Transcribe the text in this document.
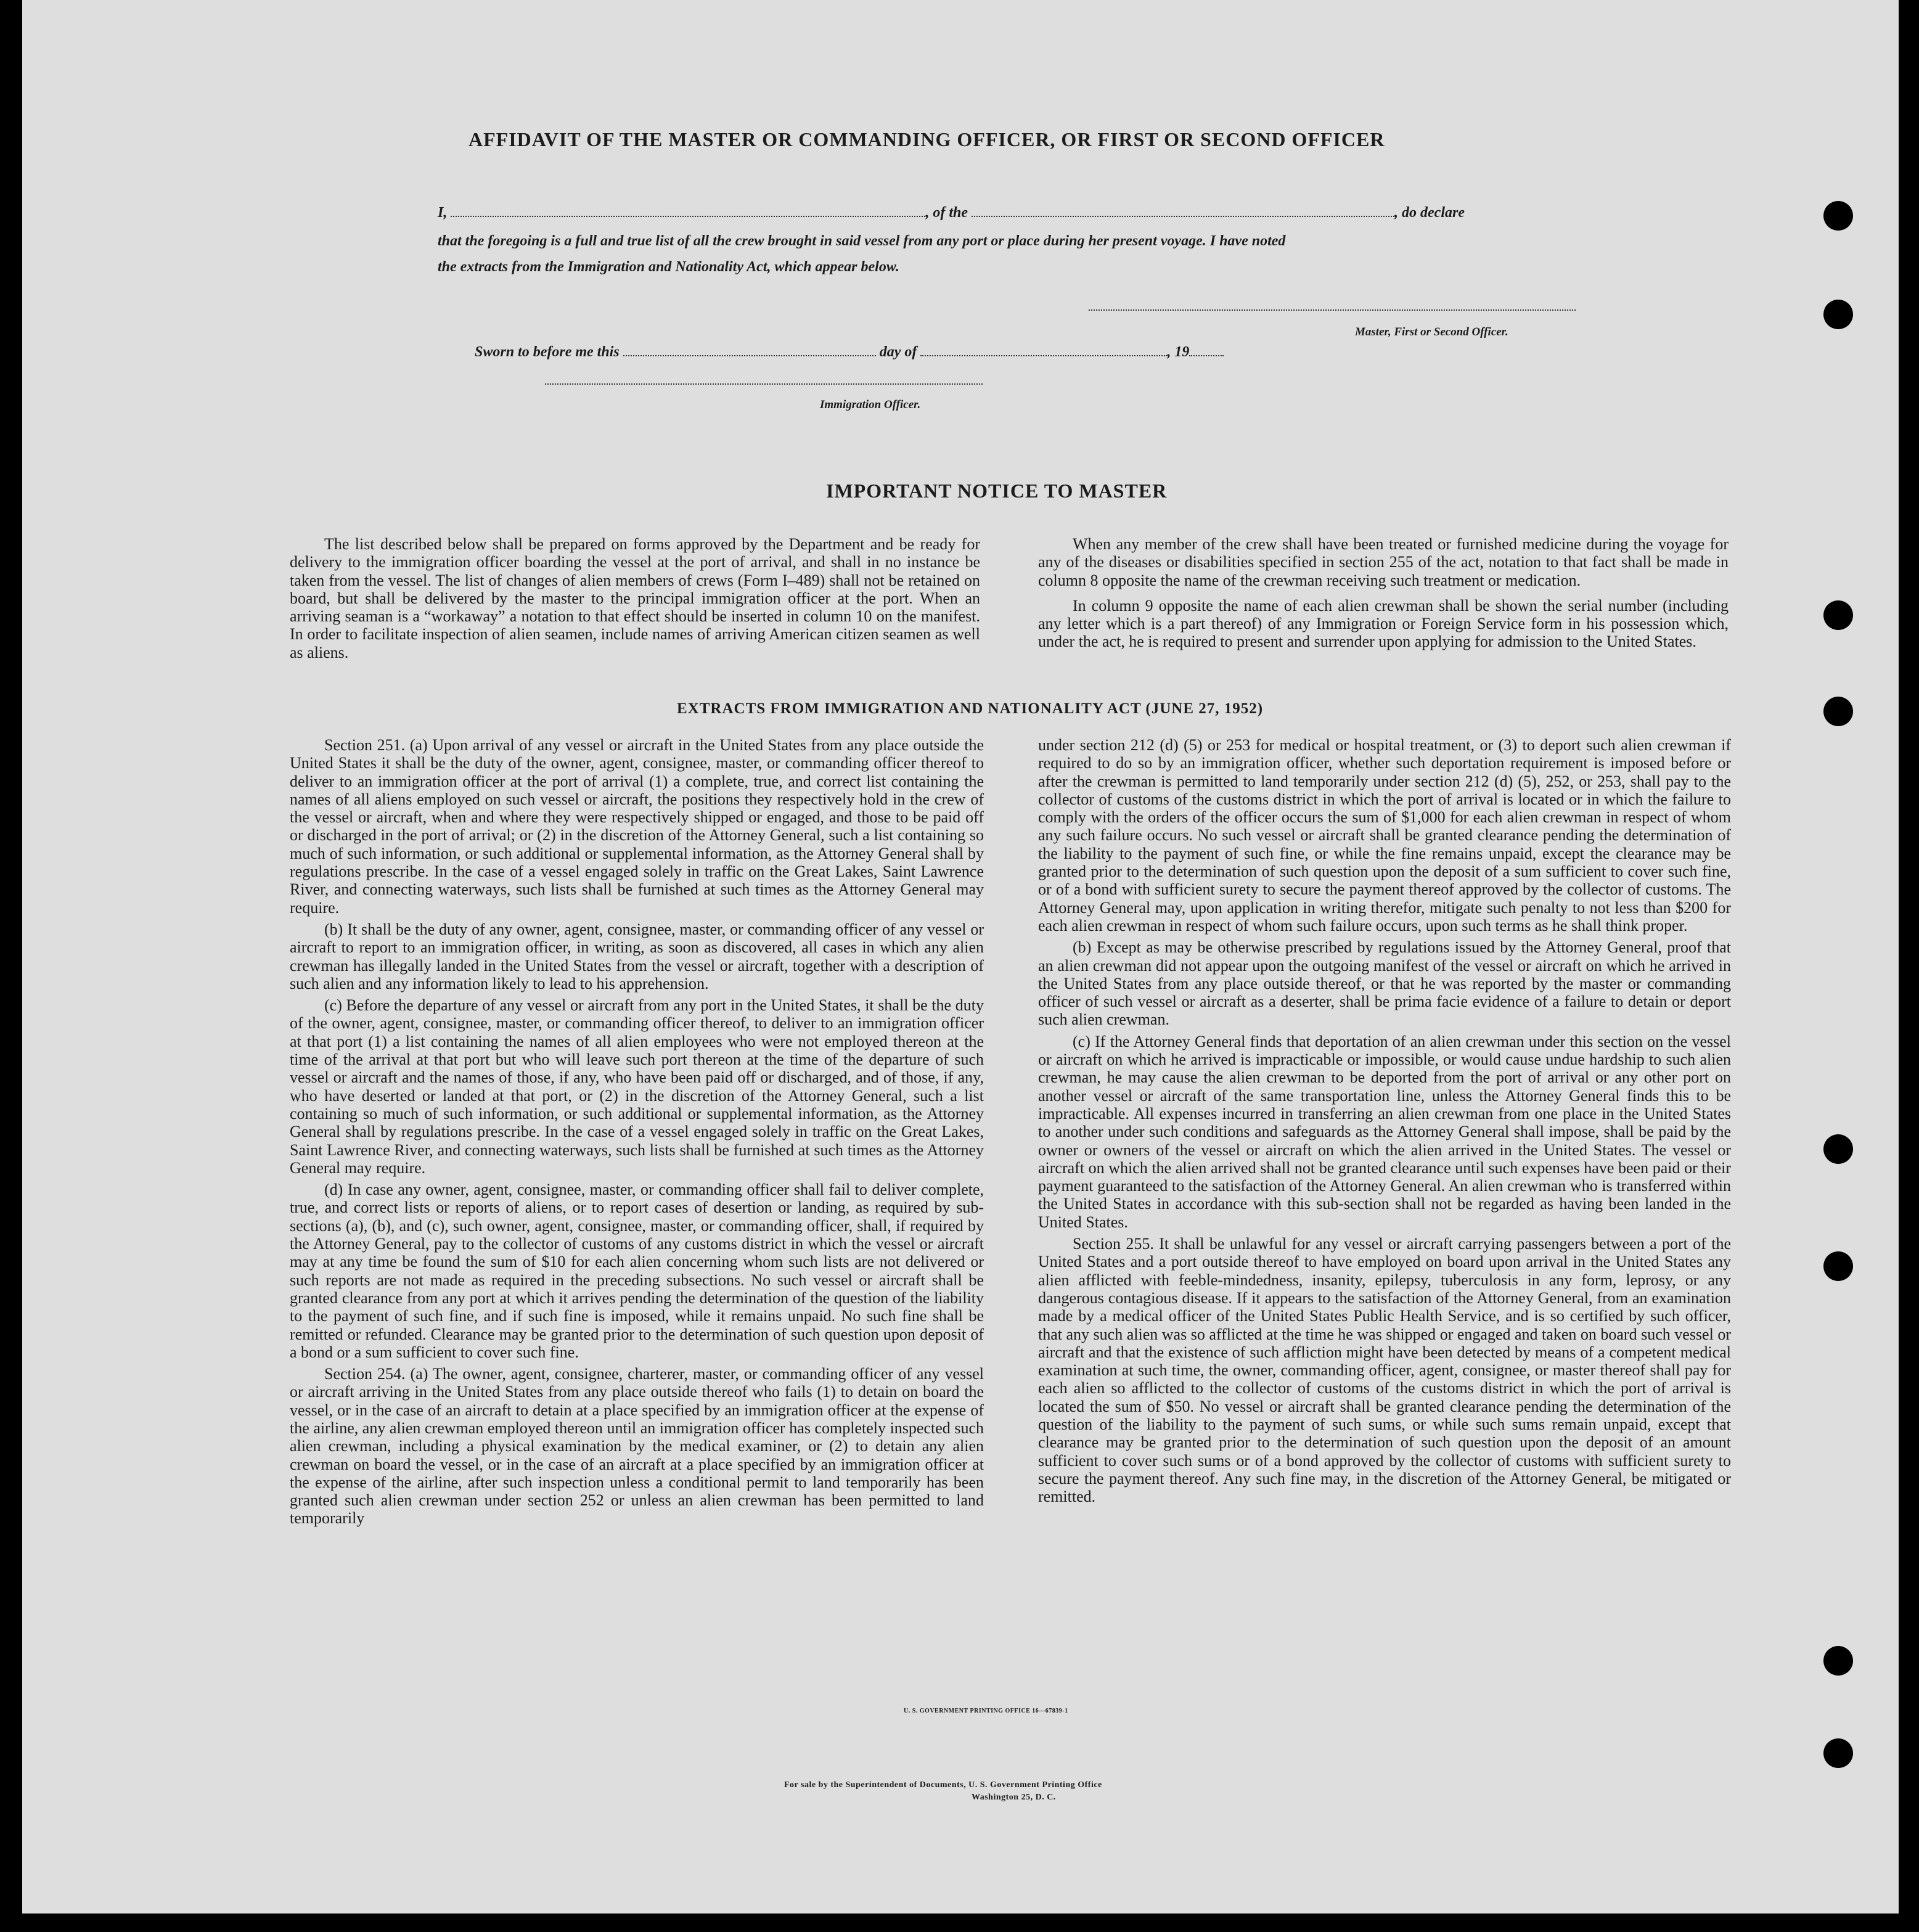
AFFIDAVIT OF THE MASTER OR COMMANDING OFFICER, OR FIRST OR SECOND OFFICER
I,	, of the	, do declare
that the foregoing is a full and true list of all the crew brought in said vessel from any port or place during her present voyage. I have noted
the extracts from the Immigration and Nationality Act, which appear below.
Master, First or Second Officer.
Sworn to before me this	day of	, 19
Immigration Officer.
IMPORTANT NOTICE TO MASTER

The list described below shall be prepared on forms approved by the Department and be ready for delivery to the immigration officer boarding the vessel at the port of arrival, and shall in no instance be taken from the vessel. The list of changes of alien members of crews (Form I–489) shall not be retained on board, but shall be delivered by the master to the principal immigration officer at the port. When an arriving seaman is a “workaway” a notation to that effect should be inserted in column 10 on the manifest. In order to facilitate inspection of alien seamen, include names of arriving American citizen seamen as well as aliens.

When any member of the crew shall have been treated or furnished medicine during the voyage for any of the diseases or disabilities specified in section 255 of the act, notation to that fact shall be made in column 8 opposite the name of the crewman receiving such treatment or medication.

In column 9 opposite the name of each alien crewman shall be shown the serial number (including any letter which is a part thereof) of any Immigration or Foreign Service form in his possession which, under the act, he is required to present and surrender upon applying for admission to the United States.

EXTRACTS FROM IMMIGRATION AND NATIONALITY ACT (JUNE 27, 1952)

Section 251. (a) Upon arrival of any vessel or aircraft in the United States from any place outside the United States it shall be the duty of the owner, agent, consignee, master, or commanding officer thereof to deliver to an immigration officer at the port of arrival (1) a complete, true, and correct list containing the names of all aliens employed on such vessel or aircraft, the positions they respectively hold in the crew of the vessel or aircraft, when and where they were respectively shipped or engaged, and those to be paid off or discharged in the port of arrival; or (2) in the discretion of the Attorney General, such a list containing so much of such information, or such additional or supplemental information, as the Attorney General shall by regulations prescribe. In the case of a vessel engaged solely in traffic on the Great Lakes, Saint Lawrence River, and connecting waterways, such lists shall be furnished at such times as the Attorney General may require.

(b) It shall be the duty of any owner, agent, consignee, master, or commanding officer of any vessel or aircraft to report to an immigration officer, in writing, as soon as discovered, all cases in which any alien crewman has illegally landed in the United States from the vessel or aircraft, together with a description of such alien and any information likely to lead to his apprehension.

(c) Before the departure of any vessel or aircraft from any port in the United States, it shall be the duty of the owner, agent, consignee, master, or commanding officer thereof, to deliver to an immigration officer at that port (1) a list containing the names of all alien employees who were not employed thereon at the time of the arrival at that port but who will leave such port thereon at the time of the departure of such vessel or aircraft and the names of those, if any, who have been paid off or discharged, and of those, if any, who have deserted or landed at that port, or (2) in the discretion of the Attorney General, such a list containing so much of such information, or such additional or supplemental information, as the Attorney General shall by regulations prescribe. In the case of a vessel engaged solely in traffic on the Great Lakes, Saint Lawrence River, and connecting waterways, such lists shall be furnished at such times as the Attorney General may require.

(d) In case any owner, agent, consignee, master, or commanding officer shall fail to deliver complete, true, and correct lists or reports of aliens, or to report cases of desertion or landing, as required by sub-sections (a), (b), and (c), such owner, agent, consignee, master, or commanding officer, shall, if required by the Attorney General, pay to the collector of customs of any customs district in which the vessel or aircraft may at any time be found the sum of $10 for each alien concerning whom such lists are not delivered or such reports are not made as required in the preceding subsections. No such vessel or aircraft shall be granted clearance from any port at which it arrives pending the determination of the question of the liability to the payment of such fine, and if such fine is imposed, while it remains unpaid. No such fine shall be remitted or refunded. Clearance may be granted prior to the determination of such question upon deposit of a bond or a sum sufficient to cover such fine.

Section 254. (a) The owner, agent, consignee, charterer, master, or commanding officer of any vessel or aircraft arriving in the United States from any place outside thereof who fails (1) to detain on board the vessel, or in the case of an aircraft to detain at a place specified by an immigration officer at the expense of the airline, any alien crewman employed thereon until an immigration officer has completely inspected such alien crewman, including a physical examination by the medical examiner, or (2) to detain any alien crewman on board the vessel, or in the case of an aircraft at a place specified by an immigration officer at the expense of the airline, after such inspection unless a conditional permit to land temporarily has been granted such alien crewman under section 252 or unless an alien crewman has been permitted to land temporarily

under section 212 (d) (5) or 253 for medical or hospital treatment, or (3) to deport such alien crewman if required to do so by an immigration officer, whether such deportation requirement is imposed before or after the crewman is permitted to land temporarily under section 212 (d) (5), 252, or 253, shall pay to the collector of customs of the customs district in which the port of arrival is located or in which the failure to comply with the orders of the officer occurs the sum of $1,000 for each alien crewman in respect of whom any such failure occurs. No such vessel or aircraft shall be granted clearance pending the determination of the liability to the payment of such fine, or while the fine remains unpaid, except the clearance may be granted prior to the determination of such question upon the deposit of a sum sufficient to cover such fine, or of a bond with sufficient surety to secure the payment thereof approved by the collector of customs. The Attorney General may, upon application in writing therefor, mitigate such penalty to not less than $200 for each alien crewman in respect of whom such failure occurs, upon such terms as he shall think proper.

(b) Except as may be otherwise prescribed by regulations issued by the Attorney General, proof that an alien crewman did not appear upon the outgoing manifest of the vessel or aircraft on which he arrived in the United States from any place outside thereof, or that he was reported by the master or commanding officer of such vessel or aircraft as a deserter, shall be prima facie evidence of a failure to detain or deport such alien crewman.

(c) If the Attorney General finds that deportation of an alien crewman under this section on the vessel or aircraft on which he arrived is impracticable or impossible, or would cause undue hardship to such alien crewman, he may cause the alien crewman to be deported from the port of arrival or any other port on another vessel or aircraft of the same transportation line, unless the Attorney General finds this to be impracticable. All expenses incurred in transferring an alien crewman from one place in the United States to another under such conditions and safeguards as the Attorney General shall impose, shall be paid by the owner or owners of the vessel or aircraft on which the alien arrived in the United States. The vessel or aircraft on which the alien arrived shall not be granted clearance until such expenses have been paid or their payment guaranteed to the satisfaction of the Attorney General. An alien crewman who is transferred within the United States in accordance with this sub-section shall not be regarded as having been landed in the United States.

Section 255. It shall be unlawful for any vessel or aircraft carrying passengers between a port of the United States and a port outside thereof to have employed on board upon arrival in the United States any alien afflicted with feeble-mindedness, insanity, epilepsy, tuberculosis in any form, leprosy, or any dangerous contagious disease. If it appears to the satisfaction of the Attorney General, from an examination made by a medical officer of the United States Public Health Service, and is so certified by such officer, that any such alien was so afflicted at the time he was shipped or engaged and taken on board such vessel or aircraft and that the existence of such affliction might have been detected by means of a competent medical examination at such time, the owner, commanding officer, agent, consignee, or master thereof shall pay for each alien so afflicted to the collector of customs of the customs district in which the port of arrival is located the sum of $50. No vessel or aircraft shall be granted clearance pending the determination of the question of the liability to the payment of such sums, or while such sums remain unpaid, except that clearance may be granted prior to the determination of such question upon the deposit of an amount sufficient to cover such sums or of a bond approved by the collector of customs with sufficient surety to secure the payment thereof. Any such fine may, in the discretion of the Attorney General, be mitigated or remitted.

U. S. GOVERNMENT PRINTING OFFICE 16—67839-1
For sale by the Superintendent of Documents, U. S. Government Printing Office
Washington 25, D. C.
